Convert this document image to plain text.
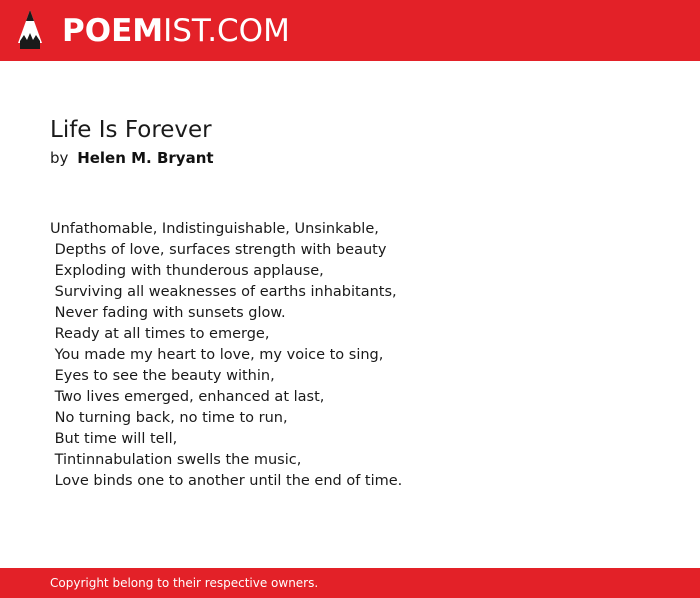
POEMIST.COM
Life Is Forever
by Helen M. Bryant
Unfathomable, Indistinguishable, Unsinkable,
Depths of love, surfaces strength with beauty
Exploding with thunderous applause,
Surviving all weaknesses of earths inhabitants,
Never fading with sunsets glow.
Ready at all times to emerge,
You made my heart to love, my voice to sing,
Eyes to see the beauty within,
Two lives emerged, enhanced at last,
No turning back, no time to run,
But time will tell,
Tintinnabulation swells the music,
Love binds one to another until the end of time.
Copyright belong to their respective owners.
